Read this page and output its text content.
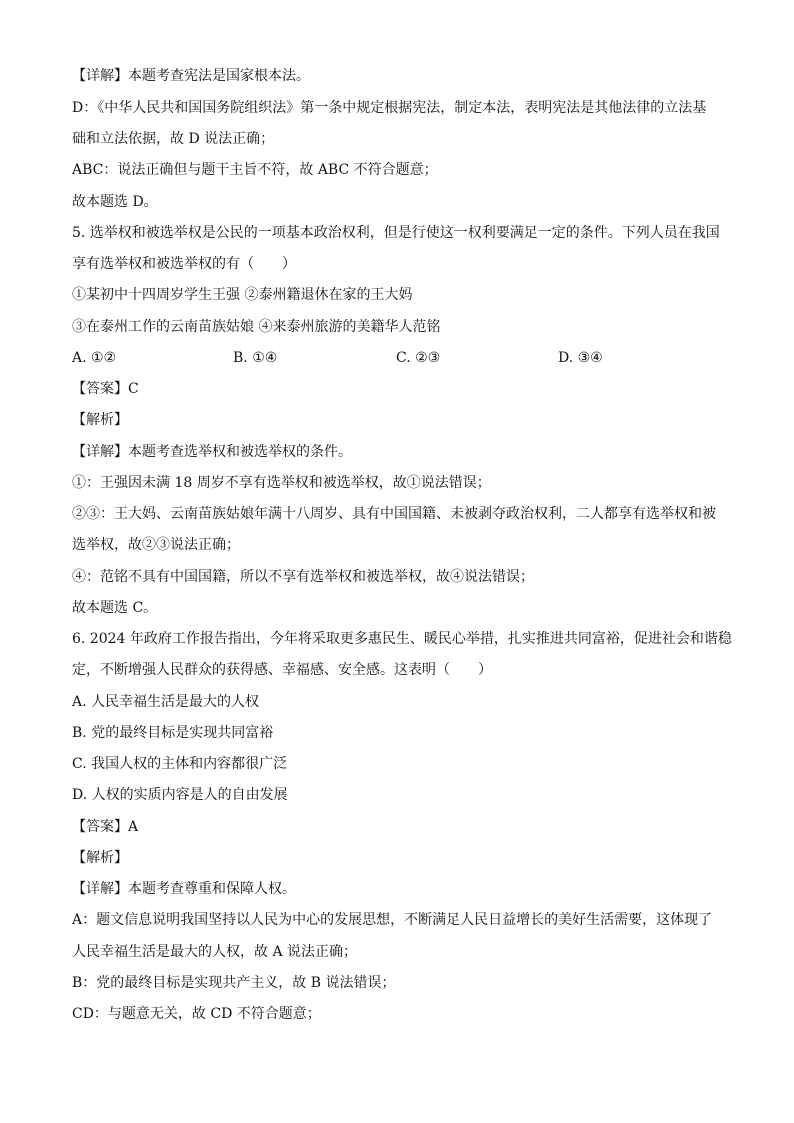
【详解】本题考查宪法是国家根本法。
D：《中华人民共和国国务院组织法》第一条中规定根据宪法，制定本法，表明宪法是其他法律的立法基
础和立法依据，故 D 说法正确；
ABC：说法正确但与题干主旨不符，故 ABC 不符合题意；
故本题选 D。
5. 选举权和被选举权是公民的一项基本政治权利，但是行使这一权利要满足一定的条件。下列人员在我国
享有选举权和被选举权的有（　　）
①某初中十四周岁学生王强 ②泰州籍退休在家的王大妈
③在泰州工作的云南苗族姑娘 ④来泰州旅游的美籍华人范铭
A. ①②	B. ①④	C. ②③	D. ③④
【答案】C
【解析】
【详解】本题考查选举权和被选举权的条件。
①：王强因未满 18 周岁不享有选举权和被选举权，故①说法错误；
②③：王大妈、云南苗族姑娘年满十八周岁、具有中国国籍、未被剥夺政治权利，二人都享有选举权和被
选举权，故②③说法正确；
④：范铭不具有中国国籍，所以不享有选举权和被选举权，故④说法错误；
故本题选 C。
6. 2024 年政府工作报告指出，今年将采取更多惠民生、暖民心举措，扎实推进共同富裕，促进社会和谐稳
定，不断增强人民群众的获得感、幸福感、安全感。这表明（　　）
A. 人民幸福生活是最大的人权
B. 党的最终目标是实现共同富裕
C. 我国人权的主体和内容都很广泛
D. 人权的实质内容是人的自由发展
【答案】A
【解析】
【详解】本题考查尊重和保障人权。
A：题文信息说明我国坚持以人民为中心的发展思想，不断满足人民日益增长的美好生活需要，这体现了
人民幸福生活是最大的人权，故 A 说法正确；
B：党的最终目标是实现共产主义，故 B 说法错误；
CD：与题意无关，故 CD 不符合题意；
